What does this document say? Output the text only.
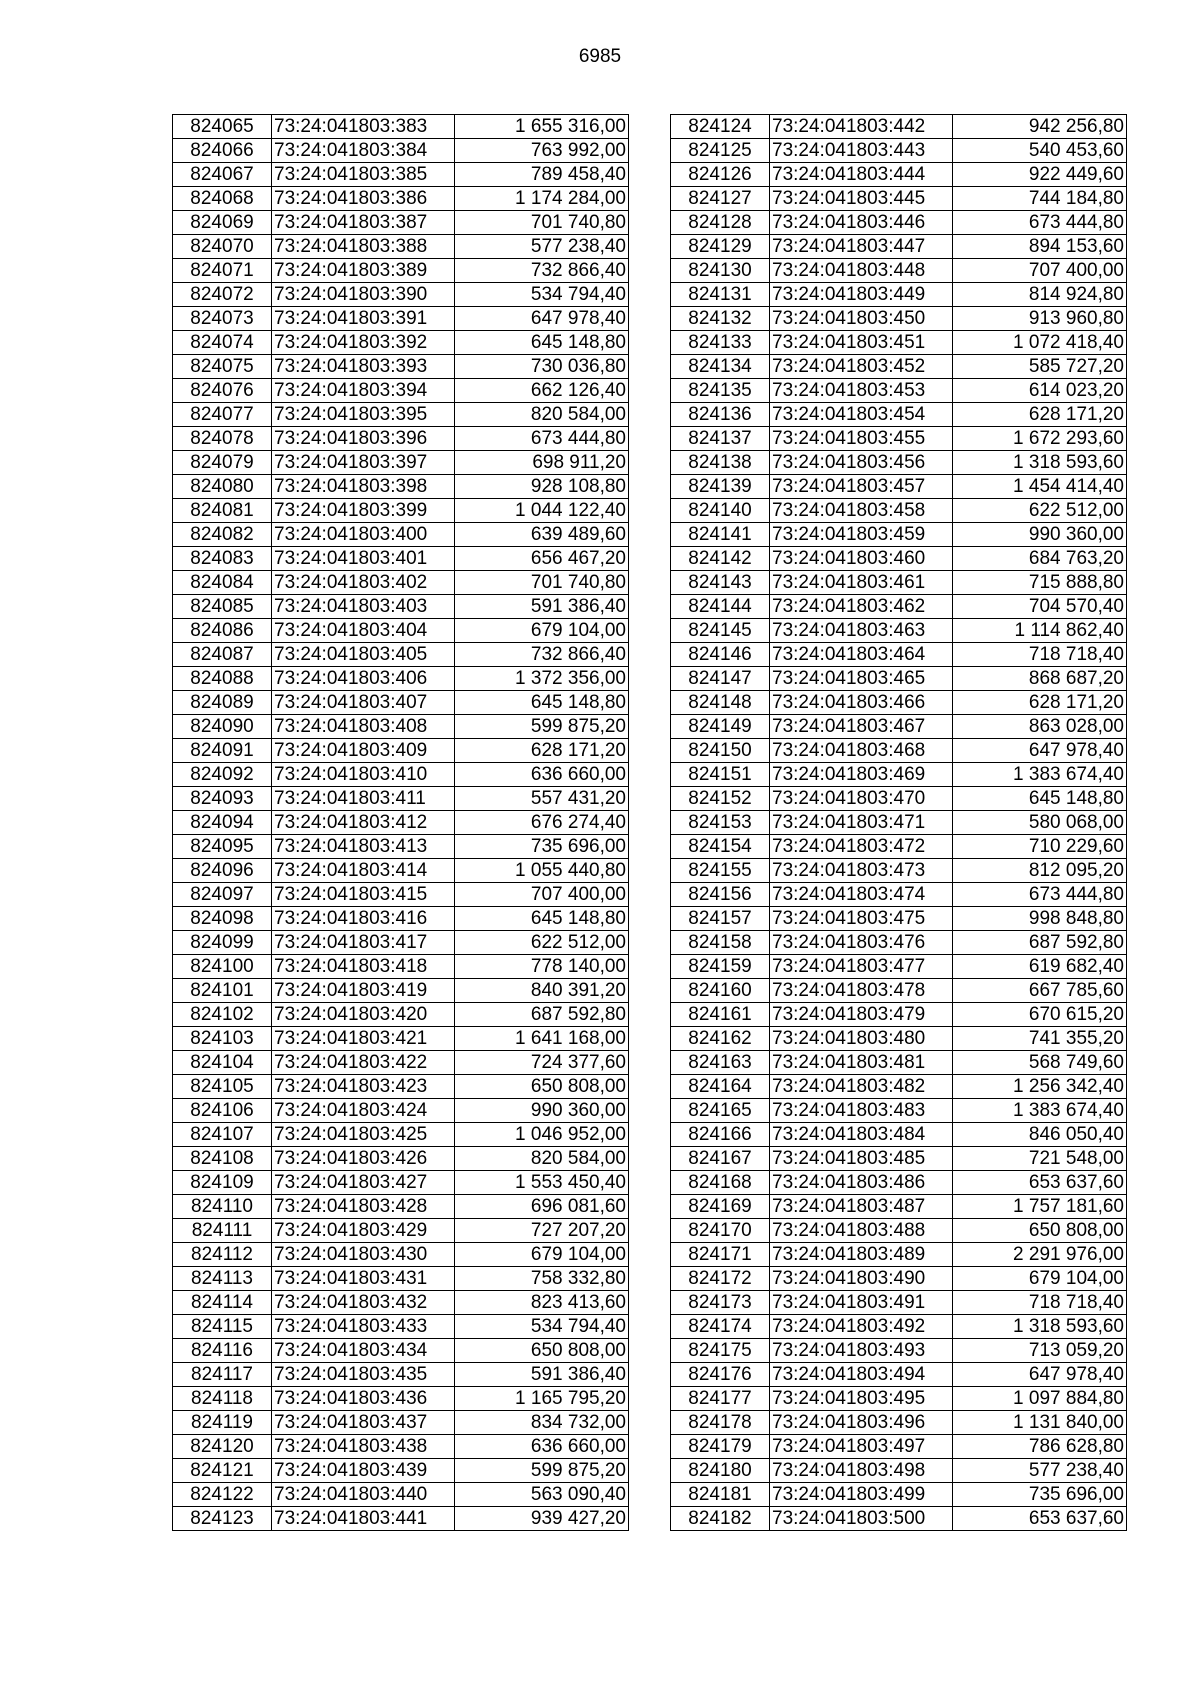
6985
824065	73:24:041803:383	1 655 316,00
824066	73:24:041803:384	763 992,00
824067	73:24:041803:385	789 458,40
824068	73:24:041803:386	1 174 284,00
824069	73:24:041803:387	701 740,80
824070	73:24:041803:388	577 238,40
824071	73:24:041803:389	732 866,40
824072	73:24:041803:390	534 794,40
824073	73:24:041803:391	647 978,40
824074	73:24:041803:392	645 148,80
824075	73:24:041803:393	730 036,80
824076	73:24:041803:394	662 126,40
824077	73:24:041803:395	820 584,00
824078	73:24:041803:396	673 444,80
824079	73:24:041803:397	698 911,20
824080	73:24:041803:398	928 108,80
824081	73:24:041803:399	1 044 122,40
824082	73:24:041803:400	639 489,60
824083	73:24:041803:401	656 467,20
824084	73:24:041803:402	701 740,80
824085	73:24:041803:403	591 386,40
824086	73:24:041803:404	679 104,00
824087	73:24:041803:405	732 866,40
824088	73:24:041803:406	1 372 356,00
824089	73:24:041803:407	645 148,80
824090	73:24:041803:408	599 875,20
824091	73:24:041803:409	628 171,20
824092	73:24:041803:410	636 660,00
824093	73:24:041803:411	557 431,20
824094	73:24:041803:412	676 274,40
824095	73:24:041803:413	735 696,00
824096	73:24:041803:414	1 055 440,80
824097	73:24:041803:415	707 400,00
824098	73:24:041803:416	645 148,80
824099	73:24:041803:417	622 512,00
824100	73:24:041803:418	778 140,00
824101	73:24:041803:419	840 391,20
824102	73:24:041803:420	687 592,80
824103	73:24:041803:421	1 641 168,00
824104	73:24:041803:422	724 377,60
824105	73:24:041803:423	650 808,00
824106	73:24:041803:424	990 360,00
824107	73:24:041803:425	1 046 952,00
824108	73:24:041803:426	820 584,00
824109	73:24:041803:427	1 553 450,40
824110	73:24:041803:428	696 081,60
824111	73:24:041803:429	727 207,20
824112	73:24:041803:430	679 104,00
824113	73:24:041803:431	758 332,80
824114	73:24:041803:432	823 413,60
824115	73:24:041803:433	534 794,40
824116	73:24:041803:434	650 808,00
824117	73:24:041803:435	591 386,40
824118	73:24:041803:436	1 165 795,20
824119	73:24:041803:437	834 732,00
824120	73:24:041803:438	636 660,00
824121	73:24:041803:439	599 875,20
824122	73:24:041803:440	563 090,40
824123	73:24:041803:441	939 427,20
824124	73:24:041803:442	942 256,80
824125	73:24:041803:443	540 453,60
824126	73:24:041803:444	922 449,60
824127	73:24:041803:445	744 184,80
824128	73:24:041803:446	673 444,80
824129	73:24:041803:447	894 153,60
824130	73:24:041803:448	707 400,00
824131	73:24:041803:449	814 924,80
824132	73:24:041803:450	913 960,80
824133	73:24:041803:451	1 072 418,40
824134	73:24:041803:452	585 727,20
824135	73:24:041803:453	614 023,20
824136	73:24:041803:454	628 171,20
824137	73:24:041803:455	1 672 293,60
824138	73:24:041803:456	1 318 593,60
824139	73:24:041803:457	1 454 414,40
824140	73:24:041803:458	622 512,00
824141	73:24:041803:459	990 360,00
824142	73:24:041803:460	684 763,20
824143	73:24:041803:461	715 888,80
824144	73:24:041803:462	704 570,40
824145	73:24:041803:463	1 114 862,40
824146	73:24:041803:464	718 718,40
824147	73:24:041803:465	868 687,20
824148	73:24:041803:466	628 171,20
824149	73:24:041803:467	863 028,00
824150	73:24:041803:468	647 978,40
824151	73:24:041803:469	1 383 674,40
824152	73:24:041803:470	645 148,80
824153	73:24:041803:471	580 068,00
824154	73:24:041803:472	710 229,60
824155	73:24:041803:473	812 095,20
824156	73:24:041803:474	673 444,80
824157	73:24:041803:475	998 848,80
824158	73:24:041803:476	687 592,80
824159	73:24:041803:477	619 682,40
824160	73:24:041803:478	667 785,60
824161	73:24:041803:479	670 615,20
824162	73:24:041803:480	741 355,20
824163	73:24:041803:481	568 749,60
824164	73:24:041803:482	1 256 342,40
824165	73:24:041803:483	1 383 674,40
824166	73:24:041803:484	846 050,40
824167	73:24:041803:485	721 548,00
824168	73:24:041803:486	653 637,60
824169	73:24:041803:487	1 757 181,60
824170	73:24:041803:488	650 808,00
824171	73:24:041803:489	2 291 976,00
824172	73:24:041803:490	679 104,00
824173	73:24:041803:491	718 718,40
824174	73:24:041803:492	1 318 593,60
824175	73:24:041803:493	713 059,20
824176	73:24:041803:494	647 978,40
824177	73:24:041803:495	1 097 884,80
824178	73:24:041803:496	1 131 840,00
824179	73:24:041803:497	786 628,80
824180	73:24:041803:498	577 238,40
824181	73:24:041803:499	735 696,00
824182	73:24:041803:500	653 637,60
